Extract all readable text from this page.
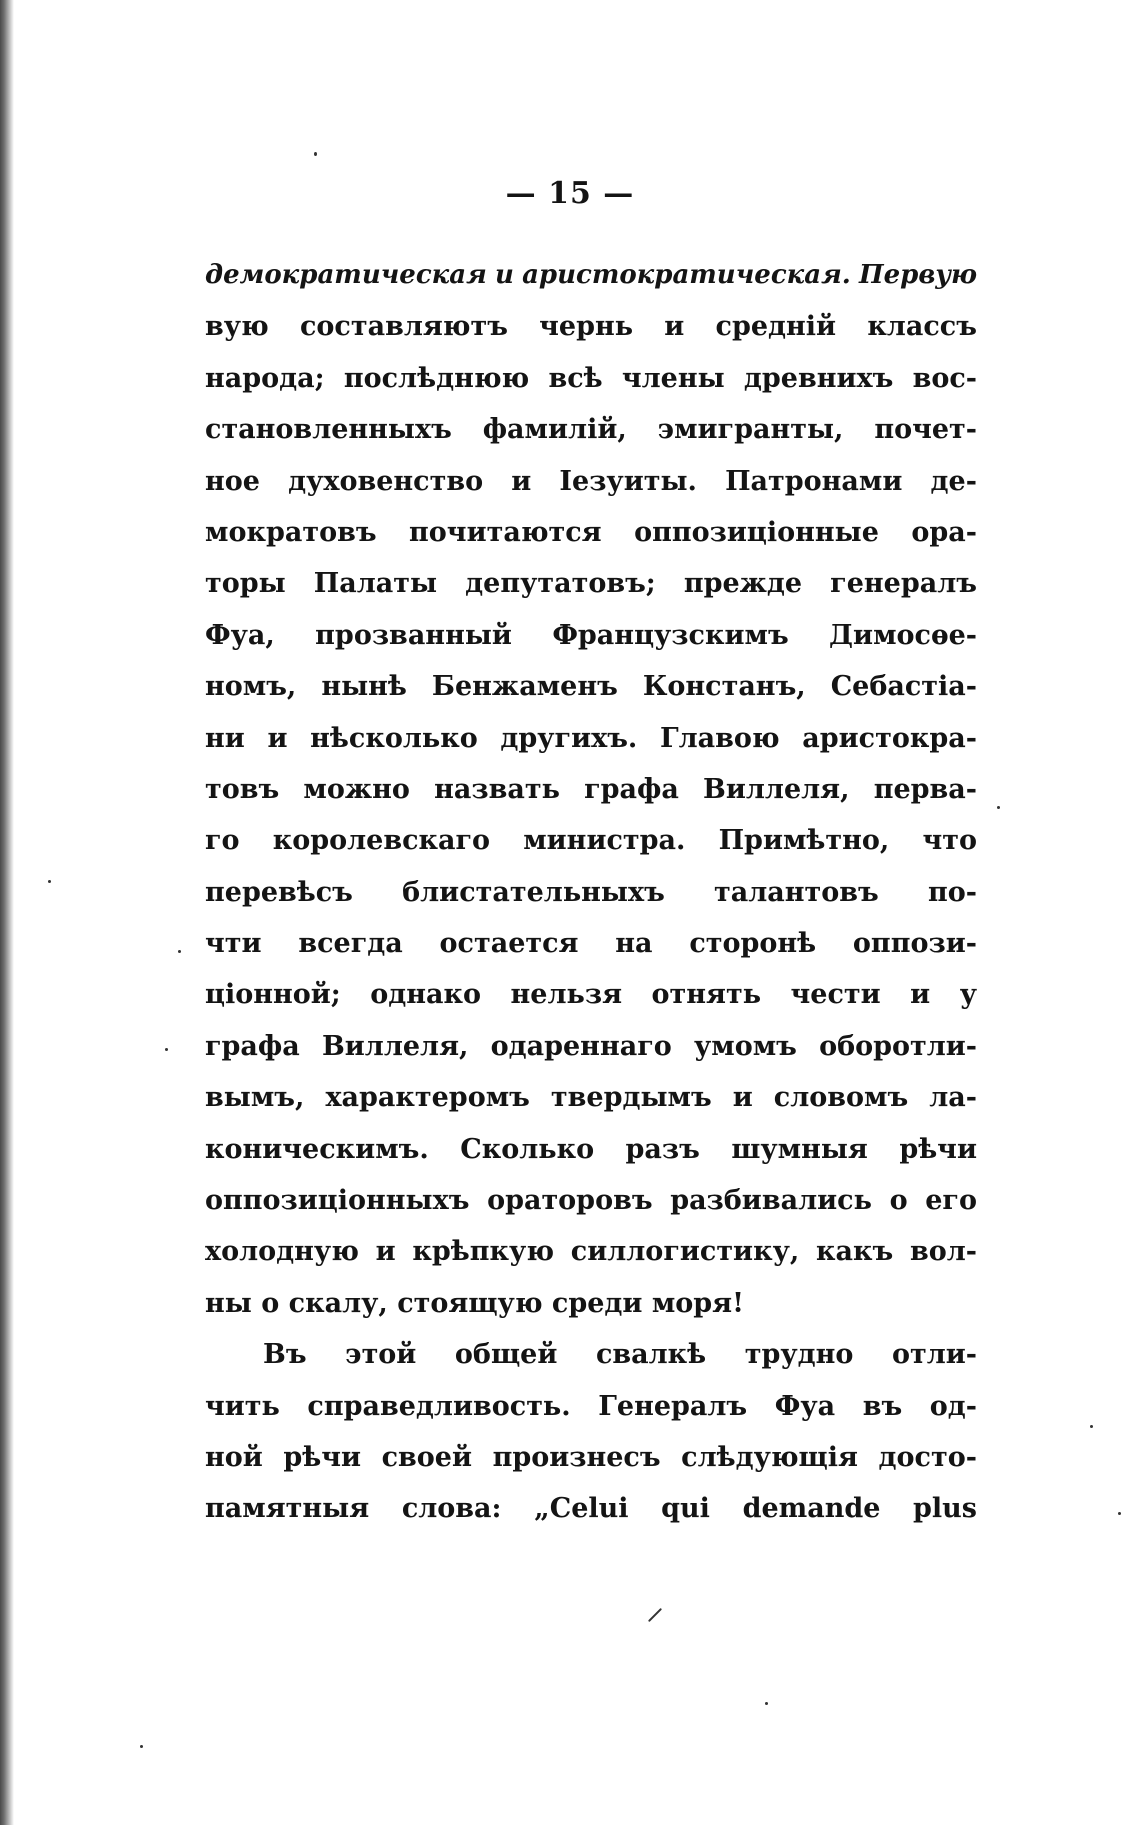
— 15 —
демократическая и аристократическая. Первую
вую составляютъ чернь и среднiй классъ
народа; послѣднюю всѣ члены древнихъ вос-
становленныхъ фамилiй, эмигранты, почет-
ное духовенство и Iезуиты. Патронами де-
мократовъ почитаются оппозицiонные ора-
торы Палаты депутатовъ; прежде генералъ
Фуа, прозванный Французскимъ Димосѳе-
номъ, нынѣ Бенжаменъ Констанъ, Себастiа-
ни и нѣсколько другихъ. Главою аристокра-
товъ можно назвать графа Виллеля, перва-
го королевскаго министра. Примѣтно, что
перевѣсъ блистательныхъ талантовъ по-
чти всегда остается на сторонѣ оппози-
цiонной; однако нельзя отнять чести и у
графа Виллеля, одареннаго умомъ оборотли-
вымъ, характеромъ твердымъ и словомъ ла-
коническимъ. Сколько разъ шумныя рѣчи
оппозицiонныхъ ораторовъ разбивались о его
холодную и крѣпкую силлогистику, какъ вол-
ны о скалу, стоящую среди моря!
Въ этой общей свалкѣ трудно отли-
чить справедливость. Генералъ Фуа въ од-
ной рѣчи своей произнесъ слѣдующiя достo-
памятныя слова: „Celui qui demande plus
